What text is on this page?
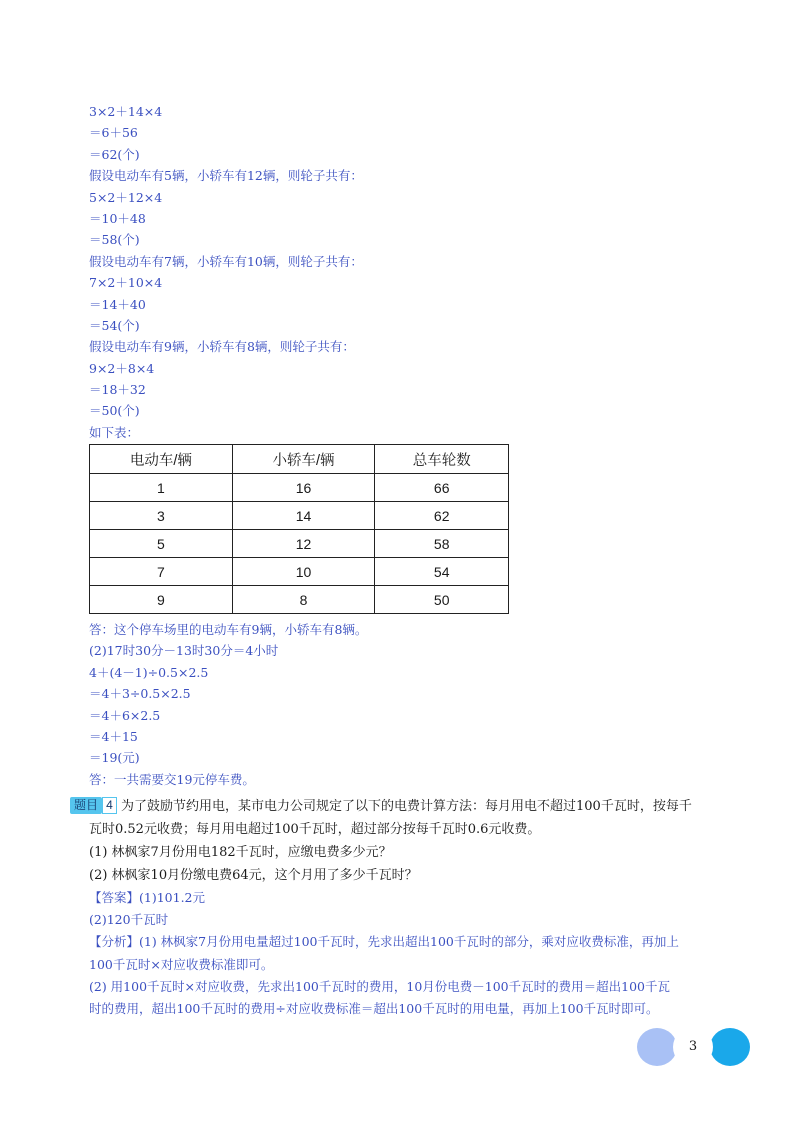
3×2＋14×4
＝6＋56
＝62(个)
假设电动车有5辆，小轿车有12辆，则轮子共有：
5×2＋12×4
＝10＋48
＝58(个)
假设电动车有7辆，小轿车有10辆，则轮子共有：
7×2＋10×4
＝14＋40
＝54(个)
假设电动车有9辆，小轿车有8辆，则轮子共有：
9×2＋8×4
＝18＋32
＝50(个)
如下表：
电动车/辆	小轿车/辆	总车轮数
1	16	66
3	14	62
5	12	58
7	10	54
9	8	50
答：这个停车场里的电动车有9辆，小轿车有8辆。
(2)17时30分－13时30分＝4小时
4＋(4－1)÷0.5×2.5
＝4＋3÷0.5×2.5
＝4＋6×2.5
＝4＋15
＝19(元)
答：一共需要交19元停车费。
题目 4 为了鼓励节约用电，某市电力公司规定了以下的电费计算方法：每月用电不超过100千瓦时，按每千
瓦时0.52元收费；每月用电超过100千瓦时，超过部分按每千瓦时0.6元收费。
(1) 林枫家7月份用电182千瓦时，应缴电费多少元？
(2) 林枫家10月份缴电费64元，这个月用了多少千瓦时？
【答案】(1)101.2元
(2)120千瓦时
【分析】(1) 林枫家7月份用电量超过100千瓦时，先求出超出100千瓦时的部分，乘对应收费标准，再加上
100千瓦时×对应收费标准即可。
(2) 用100千瓦时×对应收费，先求出100千瓦时的费用，10月份电费－100千瓦时的费用＝超出100千瓦
时的费用，超出100千瓦时的费用÷对应收费标准＝超出100千瓦时的用电量，再加上100千瓦时即可。
3
